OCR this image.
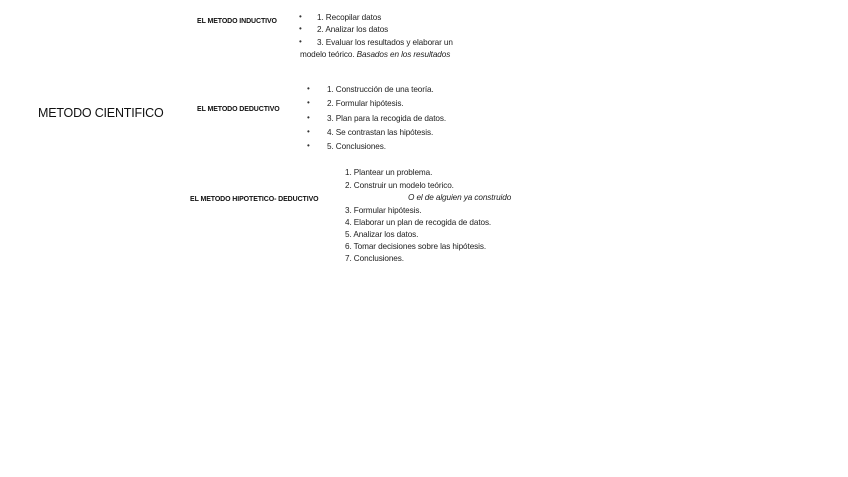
METODO CIENTIFICO
EL METODO INDUCTIVO
• 1. Recopilar datos
• 2. Analizar los datos
• 3. Evaluar los resultados y elaborar un
modelo teórico. Basados en los resultados
EL METODO DEDUCTIVO
• 1. Construcción de una teoría.
• 2. Formular hipótesis.
• 3. Plan para la recogida de datos.
• 4. Se contrastan las hipótesis.
• 5. Conclusiones.
EL METODO HIPOTETICO- DEDUCTIVO
1. Plantear un problema.
2. Construir un modelo teórico.
O el de alguien ya construido
3. Formular hipótesis.
4. Elaborar un plan de recogida de datos.
5. Analizar los datos.
6. Tomar decisiones sobre las hipótesis.
7. Conclusiones.
